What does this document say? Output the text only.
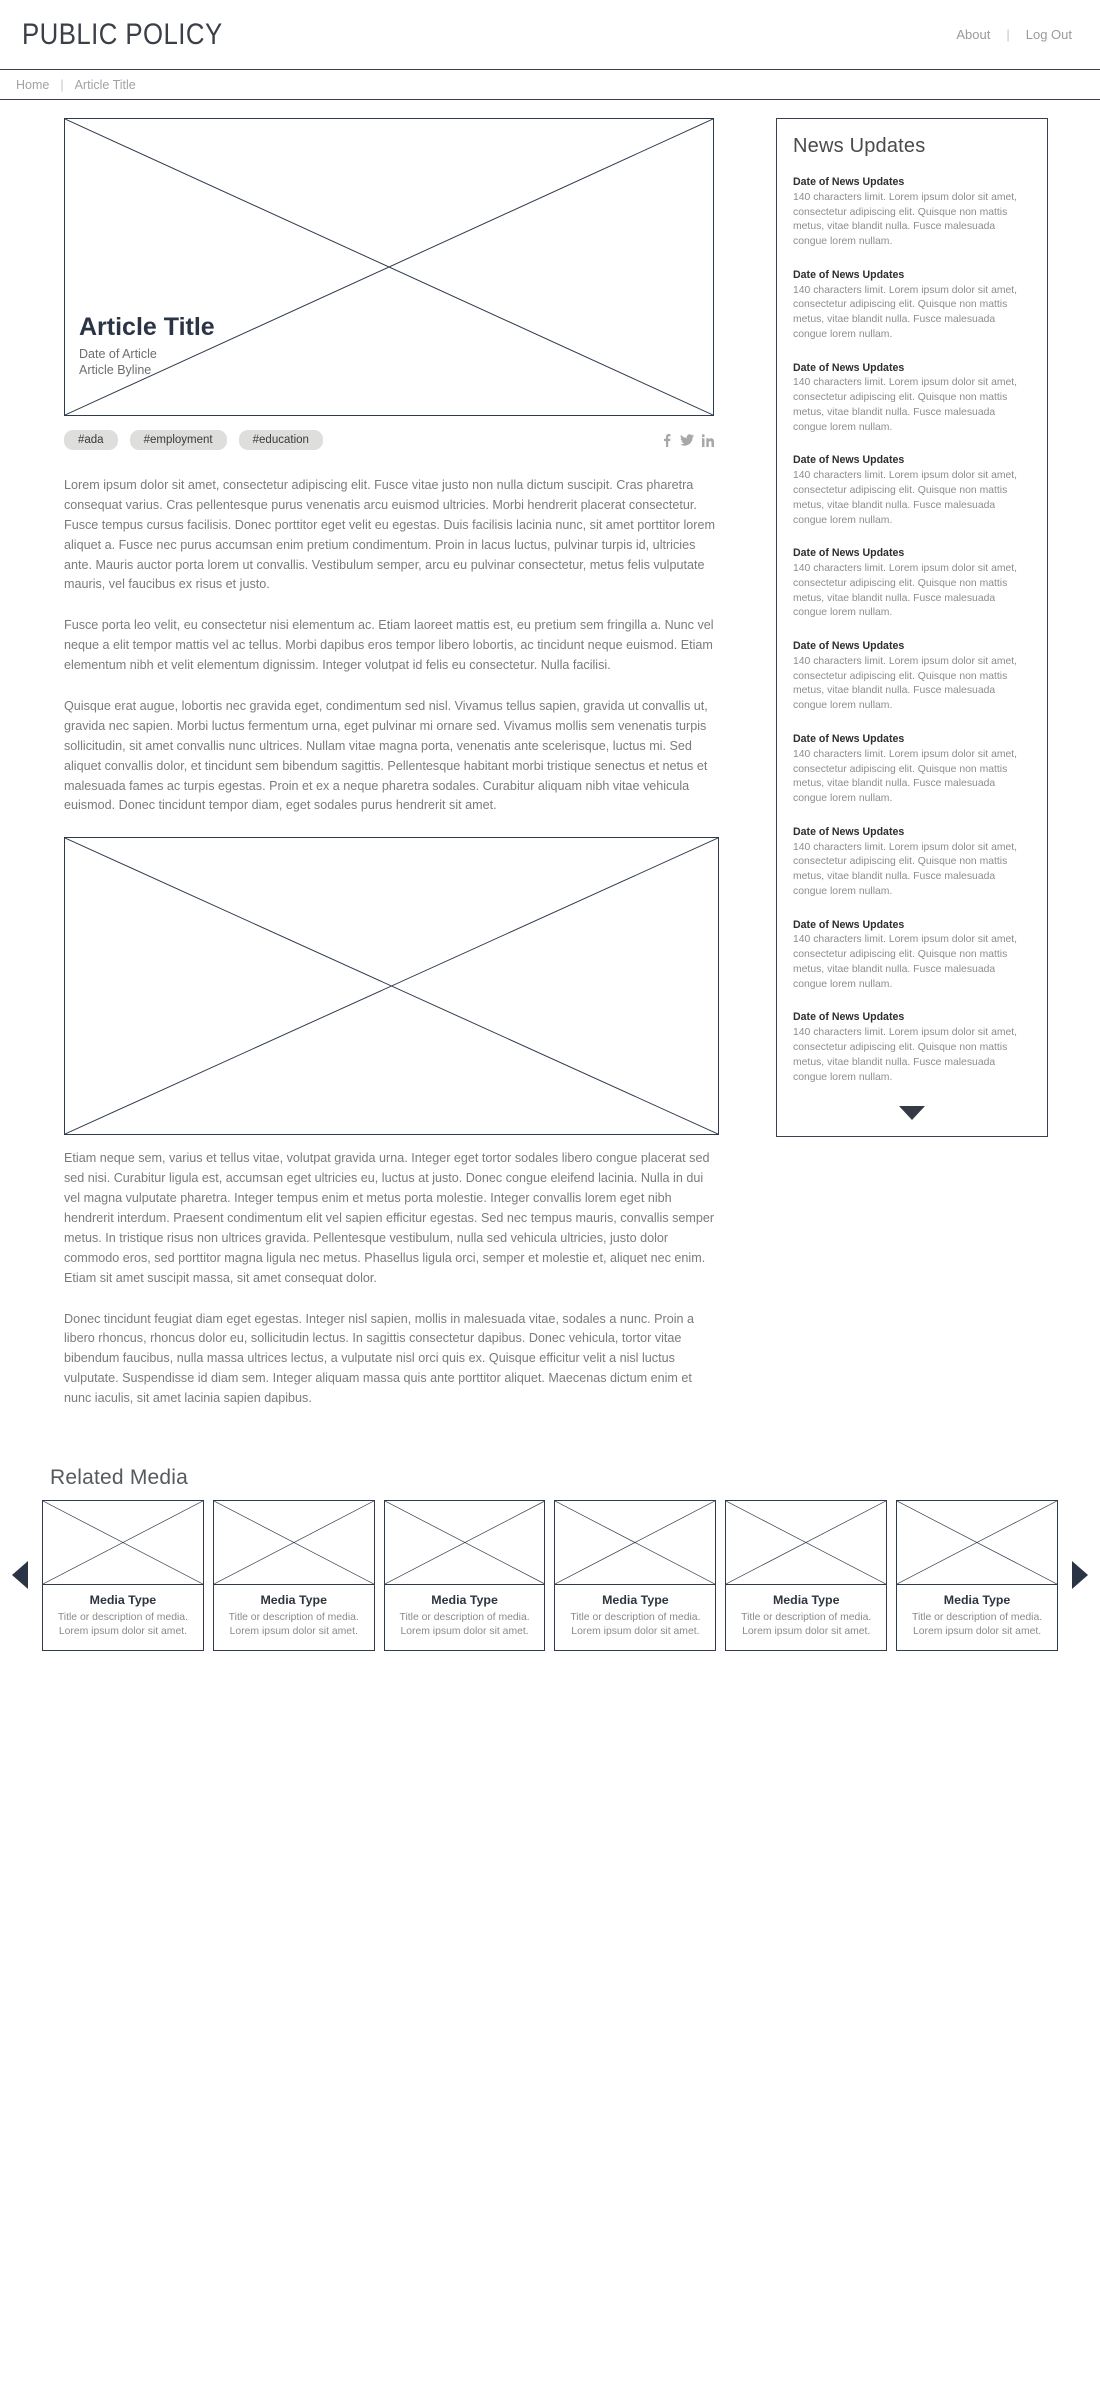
PUBLIC POLICY	About | Log Out
Home | Article Title
Article Title
Date of Article
Article Byline
#ada	#employment	#education

Lorem ipsum dolor sit amet, consectetur adipiscing elit. Fusce vitae justo non nulla dictum suscipit. Cras pharetra consequat varius. Cras pellentesque purus venenatis arcu euismod ultricies. Morbi hendrerit placerat consectetur. Fusce tempus cursus facilisis. Donec porttitor eget velit eu egestas. Duis facilisis lacinia nunc, sit amet porttitor lorem aliquet a. Fusce nec purus accumsan enim pretium condimentum. Proin in lacus luctus, pulvinar turpis id, ultricies ante. Mauris auctor porta lorem ut convallis. Vestibulum semper, arcu eu pulvinar consectetur, metus felis vulputate mauris, vel faucibus ex risus et justo.

Fusce porta leo velit, eu consectetur nisi elementum ac. Etiam laoreet mattis est, eu pretium sem fringilla a. Nunc vel neque a elit tempor mattis vel ac tellus. Morbi dapibus eros tempor libero lobortis, ac tincidunt neque euismod. Etiam elementum nibh et velit elementum dignissim. Integer volutpat id felis eu consectetur. Nulla facilisi.

Quisque erat augue, lobortis nec gravida eget, condimentum sed nisl. Vivamus tellus sapien, gravida ut convallis ut, gravida nec sapien. Morbi luctus fermentum urna, eget pulvinar mi ornare sed. Vivamus mollis sem venenatis turpis sollicitudin, sit amet convallis nunc ultrices. Nullam vitae magna porta, venenatis ante scelerisque, luctus mi. Sed aliquet convallis dolor, et tincidunt sem bibendum sagittis. Pellentesque habitant morbi tristique senectus et netus et malesuada fames ac turpis egestas. Proin et ex a neque pharetra sodales. Curabitur aliquam nibh vitae vehicula euismod. Donec tincidunt tempor diam, eget sodales purus hendrerit sit amet.

Etiam neque sem, varius et tellus vitae, volutpat gravida urna. Integer eget tortor sodales libero congue placerat sed sed nisi. Curabitur ligula est, accumsan eget ultricies eu, luctus at justo. Donec congue eleifend lacinia. Nulla in dui vel magna vulputate pharetra. Integer tempus enim et metus porta molestie. Integer convallis lorem eget nibh hendrerit interdum. Praesent condimentum elit vel sapien efficitur egestas. Sed nec tempus mauris, convallis semper metus. In tristique risus non ultrices gravida. Pellentesque vestibulum, nulla sed vehicula ultricies, justo dolor commodo eros, sed porttitor magna ligula nec metus. Phasellus ligula orci, semper et molestie et, aliquet nec enim. Etiam sit amet suscipit massa, sit amet consequat dolor.

Donec tincidunt feugiat diam eget egestas. Integer nisl sapien, mollis in malesuada vitae, sodales a nunc. Proin a libero rhoncus, rhoncus dolor eu, sollicitudin lectus. In sagittis consectetur dapibus. Donec vehicula, tortor vitae bibendum faucibus, nulla massa ultrices lectus, a vulputate nisl orci quis ex. Quisque efficitur velit a nisl luctus vulputate. Suspendisse id diam sem. Integer aliquam massa quis ante porttitor aliquet. Maecenas dictum enim et nunc iaculis, sit amet lacinia sapien dapibus.

News Updates

Date of News Updates

140 characters limit. Lorem ipsum dolor sit amet, consectetur adipiscing elit. Quisque non mattis metus, vitae blandit nulla. Fusce malesuada congue lorem nullam.

Date of News Updates

140 characters limit. Lorem ipsum dolor sit amet, consectetur adipiscing elit. Quisque non mattis metus, vitae blandit nulla. Fusce malesuada congue lorem nullam.

Date of News Updates

140 characters limit. Lorem ipsum dolor sit amet, consectetur adipiscing elit. Quisque non mattis metus, vitae blandit nulla. Fusce malesuada congue lorem nullam.

Date of News Updates

140 characters limit. Lorem ipsum dolor sit amet, consectetur adipiscing elit. Quisque non mattis metus, vitae blandit nulla. Fusce malesuada congue lorem nullam.

Date of News Updates

140 characters limit. Lorem ipsum dolor sit amet, consectetur adipiscing elit. Quisque non mattis metus, vitae blandit nulla. Fusce malesuada congue lorem nullam.

Date of News Updates

140 characters limit. Lorem ipsum dolor sit amet, consectetur adipiscing elit. Quisque non mattis metus, vitae blandit nulla. Fusce malesuada congue lorem nullam.

Date of News Updates

140 characters limit. Lorem ipsum dolor sit amet, consectetur adipiscing elit. Quisque non mattis metus, vitae blandit nulla. Fusce malesuada congue lorem nullam.

Date of News Updates

140 characters limit. Lorem ipsum dolor sit amet, consectetur adipiscing elit. Quisque non mattis metus, vitae blandit nulla. Fusce malesuada congue lorem nullam.

Date of News Updates

140 characters limit. Lorem ipsum dolor sit amet, consectetur adipiscing elit. Quisque non mattis metus, vitae blandit nulla. Fusce malesuada congue lorem nullam.

Date of News Updates

140 characters limit. Lorem ipsum dolor sit amet, consectetur adipiscing elit. Quisque non mattis metus, vitae blandit nulla. Fusce malesuada congue lorem nullam.

Related Media

Media Type

Title or description of media. Lorem ipsum dolor sit amet.

Media Type

Title or description of media. Lorem ipsum dolor sit amet.

Media Type

Title or description of media. Lorem ipsum dolor sit amet.

Media Type

Title or description of media. Lorem ipsum dolor sit amet.

Media Type

Title or description of media. Lorem ipsum dolor sit amet.

Media Type

Title or description of media. Lorem ipsum dolor sit amet.
